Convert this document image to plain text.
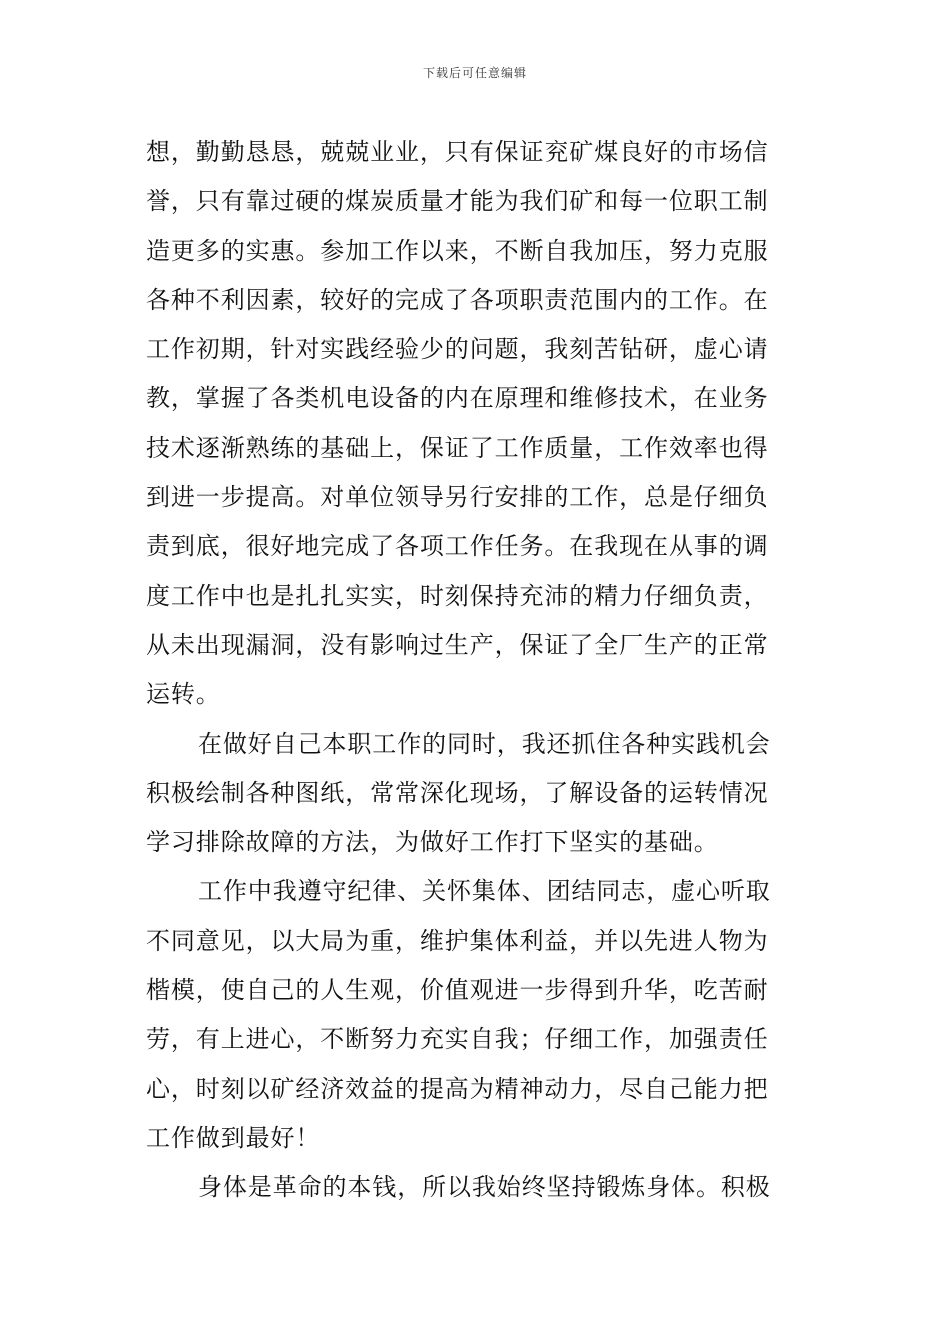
下载后可任意编辑
想，勤勤恳恳，兢兢业业，只有保证兖矿煤良好的市场信
誉，只有靠过硬的煤炭质量才能为我们矿和每一位职工制
造更多的实惠。参加工作以来，不断自我加压，努力克服
各种不利因素，较好的完成了各项职责范围内的工作。在
工作初期，针对实践经验少的问题，我刻苦钻研，虚心请
教，掌握了各类机电设备的内在原理和维修技术，在业务
技术逐渐熟练的基础上，保证了工作质量，工作效率也得
到进一步提高。对单位领导另行安排的工作，总是仔细负
责到底，很好地完成了各项工作任务。在我现在从事的调
度工作中也是扎扎实实，时刻保持充沛的精力仔细负责，
从未出现漏洞，没有影响过生产，保证了全厂生产的正常
运转。
在做好自己本职工作的同时，我还抓住各种实践机会
积极绘制各种图纸，常常深化现场，了解设备的运转情况
学习排除故障的方法，为做好工作打下坚实的基础。
工作中我遵守纪律、关怀集体、团结同志，虚心听取
不同意见，以大局为重，维护集体利益，并以先进人物为
楷模，使自己的人生观，价值观进一步得到升华，吃苦耐
劳，有上进心，不断努力充实自我；仔细工作，加强责任
心，时刻以矿经济效益的提高为精神动力，尽自己能力把
工作做到最好！
身体是革命的本钱，所以我始终坚持锻炼身体。积极
